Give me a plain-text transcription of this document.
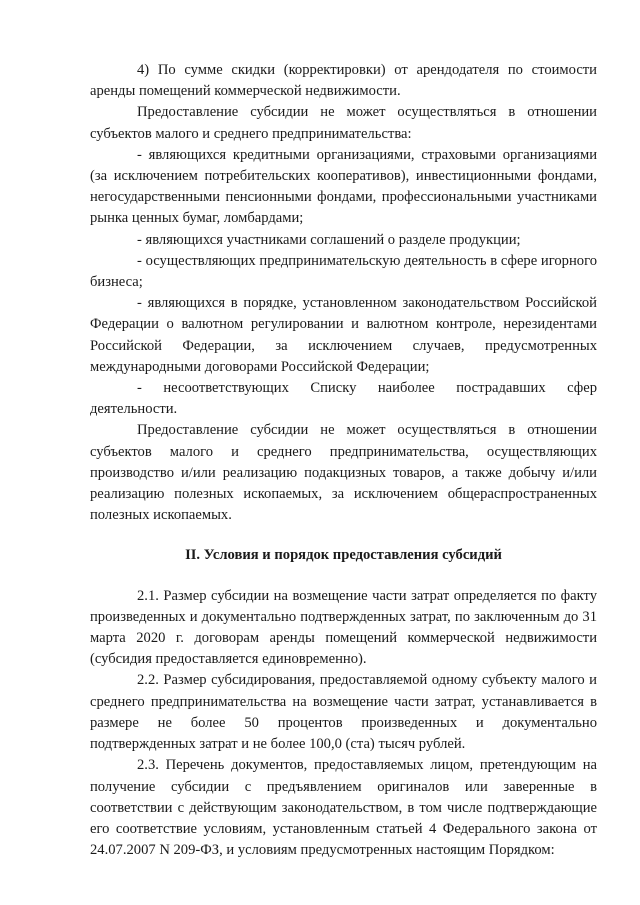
4) По сумме скидки (корректировки) от арендодателя по стоимости аренды помещений коммерческой недвижимости.

Предоставление субсидии не может осуществляться в отношении субъектов малого и среднего предпринимательства:

- являющихся кредитными организациями, страховыми организациями (за исключением потребительских кооперативов), инвестиционными фондами, негосударственными пенсионными фондами, профессиональными участниками рынка ценных бумаг, ломбардами;

- являющихся участниками соглашений о разделе продукции;

- осуществляющих предпринимательскую деятельность в сфере игорного бизнеса;

- являющихся в порядке, установленном законодательством Российской Федерации о валютном регулировании и валютном контроле, нерезидентами Российской Федерации, за исключением случаев, предусмотренных международными договорами Российской Федерации;

- несоответствующих Списку наиболее пострадавших сфер деятельности.

Предоставление субсидии не может осуществляться в отношении субъектов малого и среднего предпринимательства, осуществляющих производство и/или реализацию подакцизных товаров, а также добычу и/или реализацию полезных ископаемых, за исключением общераспространенных полезных ископаемых.

II. Условия и порядок предоставления субсидий

2.1. Размер субсидии на возмещение части затрат определяется по факту произведенных и документально подтвержденных затрат, по заключенным до 31 марта 2020 г. договорам аренды помещений коммерческой недвижимости (субсидия предоставляется единовременно).

2.2. Размер субсидирования, предоставляемой одному субъекту малого и среднего предпринимательства на возмещение части затрат, устанавливается в размере не более 50 процентов произведенных и документально подтвержденных затрат и не более 100,0 (ста) тысяч рублей.

2.3. Перечень документов, предоставляемых лицом, претендующим на получение субсидии с предъявлением оригиналов или заверенные в соответствии с действующим законодательством, в том числе подтверждающие его соответствие условиям, установленным статьей 4 Федерального закона от 24.07.2007 N 209-ФЗ, и условиям предусмотренных настоящим Порядком:
